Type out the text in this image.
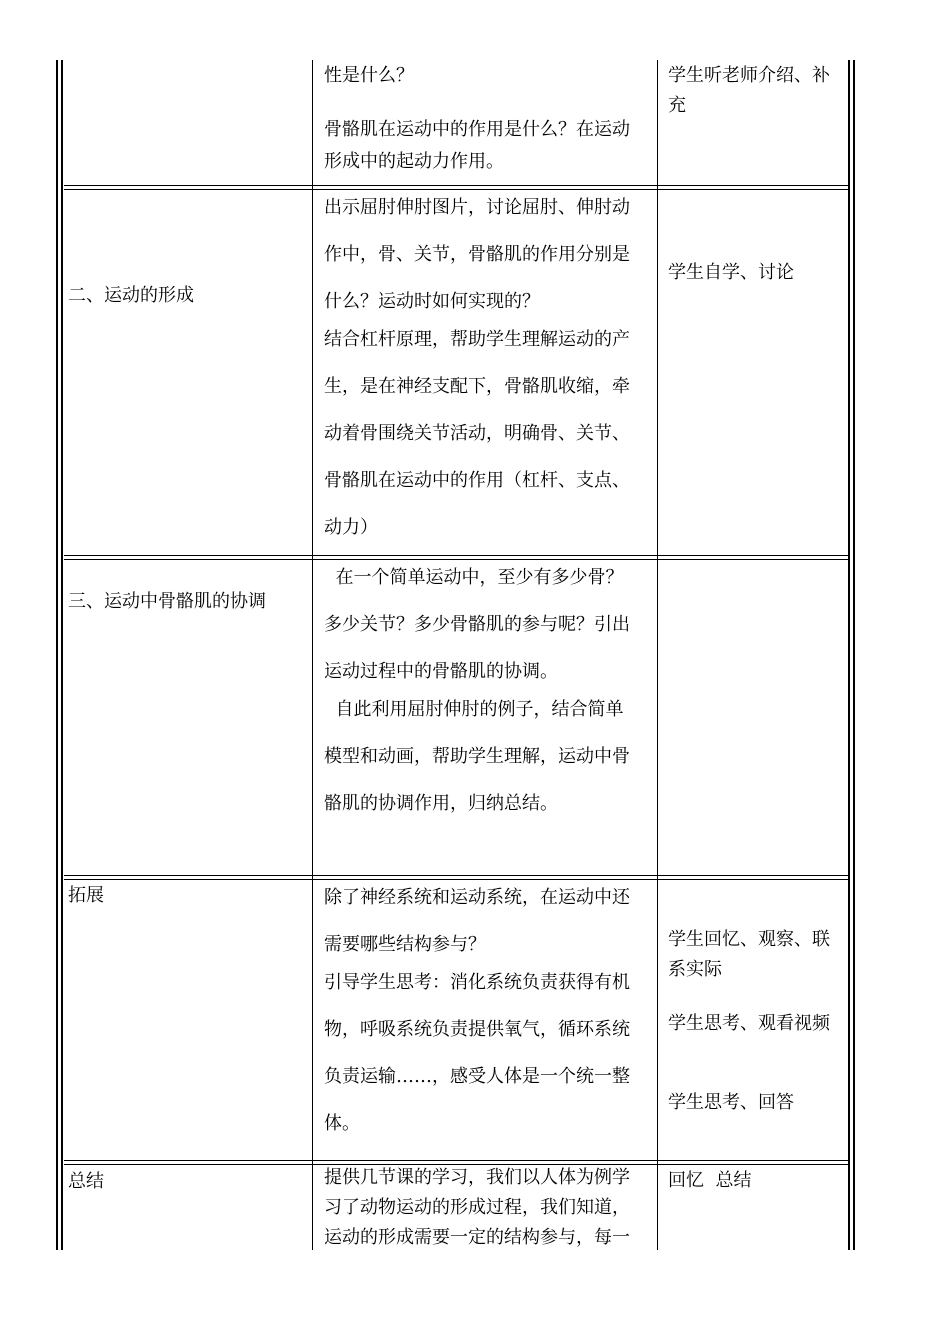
性是什么？

骨骼肌在运动中的作用是什么？在运动

形成中的起动力作用。

学生听老师介绍、补

充

二、运动的形成

出示屈肘伸肘图片，讨论屈肘、伸肘动

作中，骨、关节，骨骼肌的作用分别是

什么？运动时如何实现的？

结合杠杆原理，帮助学生理解运动的产

生，是在神经支配下，骨骼肌收缩，牵

动着骨围绕关节活动，明确骨、关节、

骨骼肌在运动中的作用（杠杆、支点、

动力）

学生自学、讨论

三、运动中骨骼肌的协调

在一个简单运动中，至少有多少骨？

多少关节？多少骨骼肌的参与呢？引出

运动过程中的骨骼肌的协调。

自此利用屈肘伸肘的例子，结合简单

模型和动画，帮助学生理解，运动中骨

骼肌的协调作用，归纳总结。

拓展	除了神经系统和运动系统，在运动中还

需要哪些结构参与？

引导学生思考：消化系统负责获得有机

物，呼吸系统负责提供氧气，循环系统

负责运输……，感受人体是一个统一整

体。

学生回忆、观察、联

系实际

学生思考、观看视频

学生思考、回答

总结	提供几节课的学习，我们以人体为例学

习了动物运动的形成过程，我们知道，

运动的形成需要一定的结构参与，每一

回忆  总结
